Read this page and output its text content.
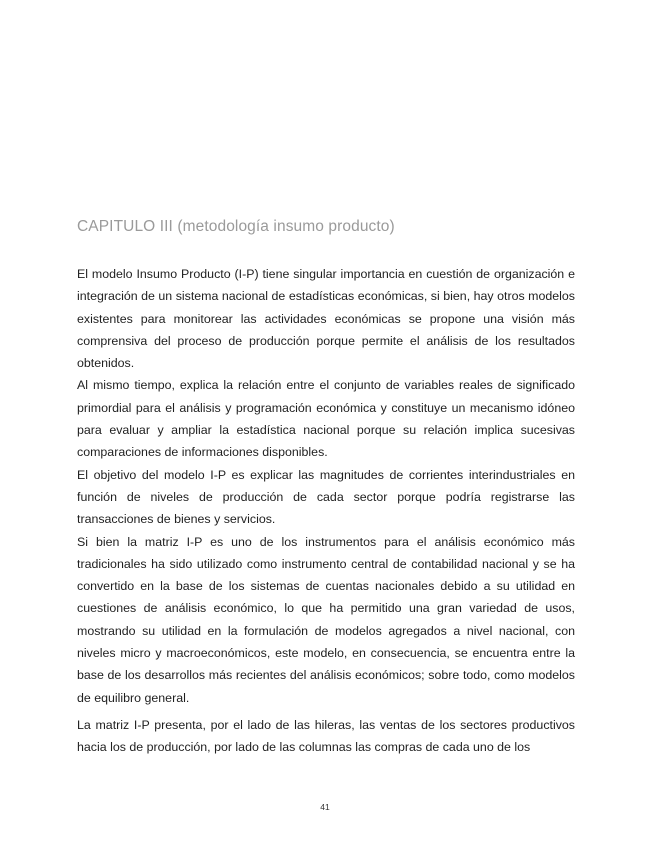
CAPITULO III (metodología insumo producto)

El modelo Insumo Producto (I-P) tiene singular importancia en cuestión de organización e integración de un sistema nacional de estadísticas económicas, si bien, hay otros modelos existentes para monitorear las actividades económicas se propone una visión más comprensiva del proceso de producción porque permite el análisis de los resultados obtenidos.

Al mismo tiempo, explica la relación entre el conjunto de variables reales de significado primordial para el análisis y programación económica y constituye un mecanismo idóneo para evaluar y ampliar la estadística nacional porque su relación implica sucesivas comparaciones de informaciones disponibles.

El objetivo del modelo I-P es explicar las magnitudes de corrientes interindustriales en función de niveles de producción de cada sector porque podría registrarse las transacciones de bienes y servicios.

Si bien la matriz I-P es uno de los instrumentos para el análisis económico más tradicionales ha sido utilizado como instrumento central de contabilidad nacional y se ha convertido en la base de los sistemas de cuentas nacionales debido a su utilidad en cuestiones de análisis económico, lo que ha permitido una gran variedad de usos, mostrando su utilidad en la formulación de modelos agregados a nivel nacional, con niveles micro y macroeconómicos, este modelo, en consecuencia, se encuentra entre la base de los desarrollos más recientes del análisis económicos; sobre todo, como modelos de equilibro general.

La matriz I-P presenta, por el lado de las hileras, las ventas de los sectores productivos hacia los de producción, por lado de las columnas las compras de cada uno de los

41
